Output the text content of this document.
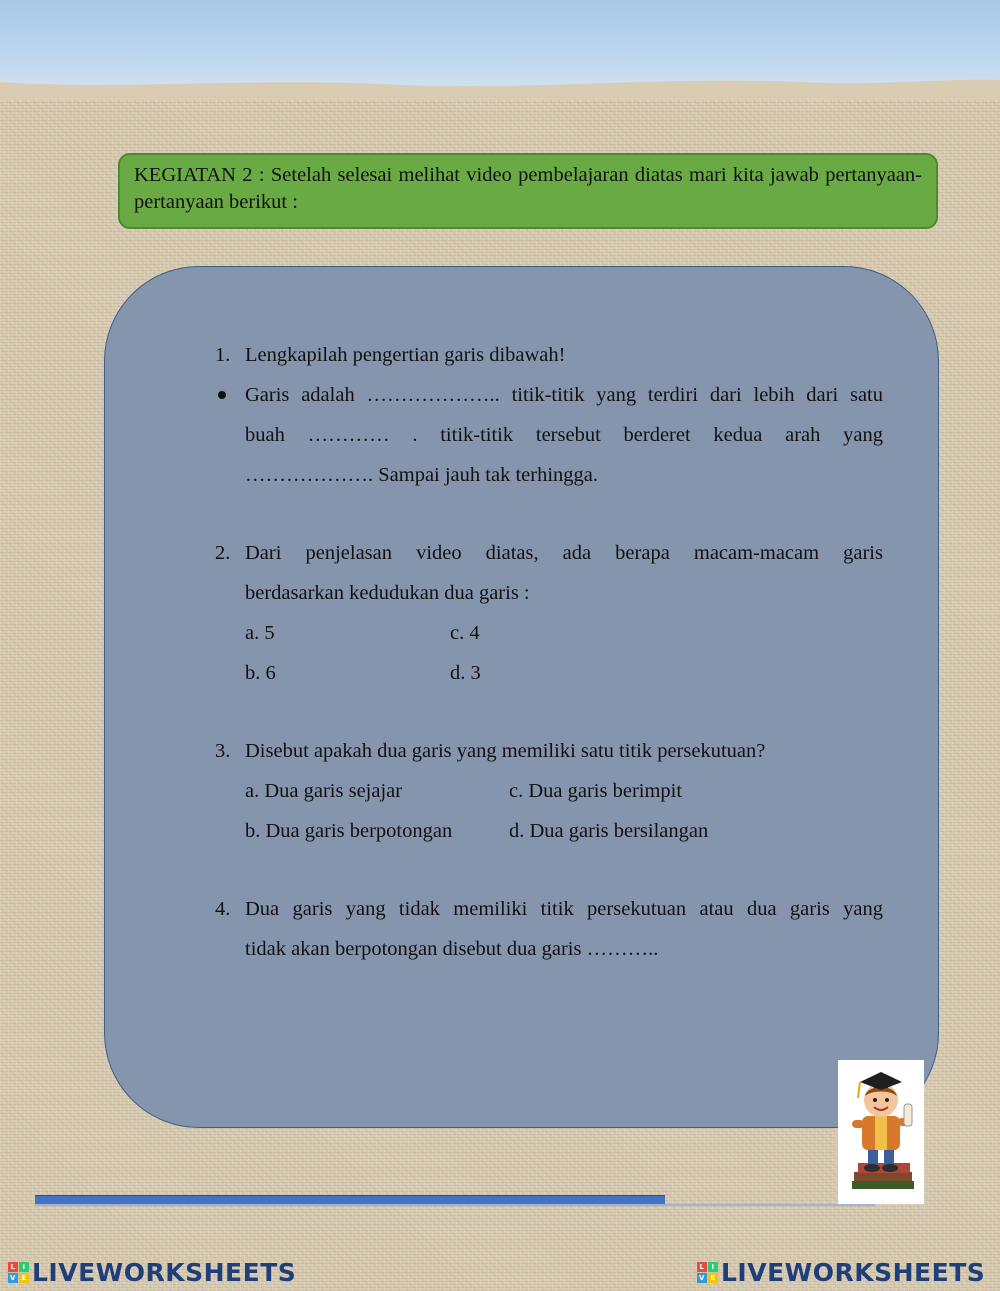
KEGIATAN 2 : Setelah selesai melihat video pembelajaran diatas mari kita jawab pertanyaan-pertanyaan berikut :
1. Lengkapilah pengertian garis dibawah!
Garis adalah ……………….. titik-titik yang terdiri dari lebih dari satu
buah ………… . titik-titik tersebut berderet kedua arah yang
………………. Sampai jauh tak terhingga.
2. Dari penjelasan video diatas, ada berapa macam-macam garis
berdasarkan kedudukan dua garis :
a. 5	c. 4
b. 6	d. 3
3. Disebut apakah dua garis yang memiliki satu titik persekutuan?
a. Dua garis sejajar	c. Dua garis berimpit
b. Dua garis berpotongan	d. Dua garis bersilangan
4. Dua garis yang tidak memiliki titik persekutuan atau dua garis yang
tidak akan berpotongan disebut dua garis ………..
L I
V E LIVEWORKSHEETS	L I
V E LIVEWORKSHEETS
